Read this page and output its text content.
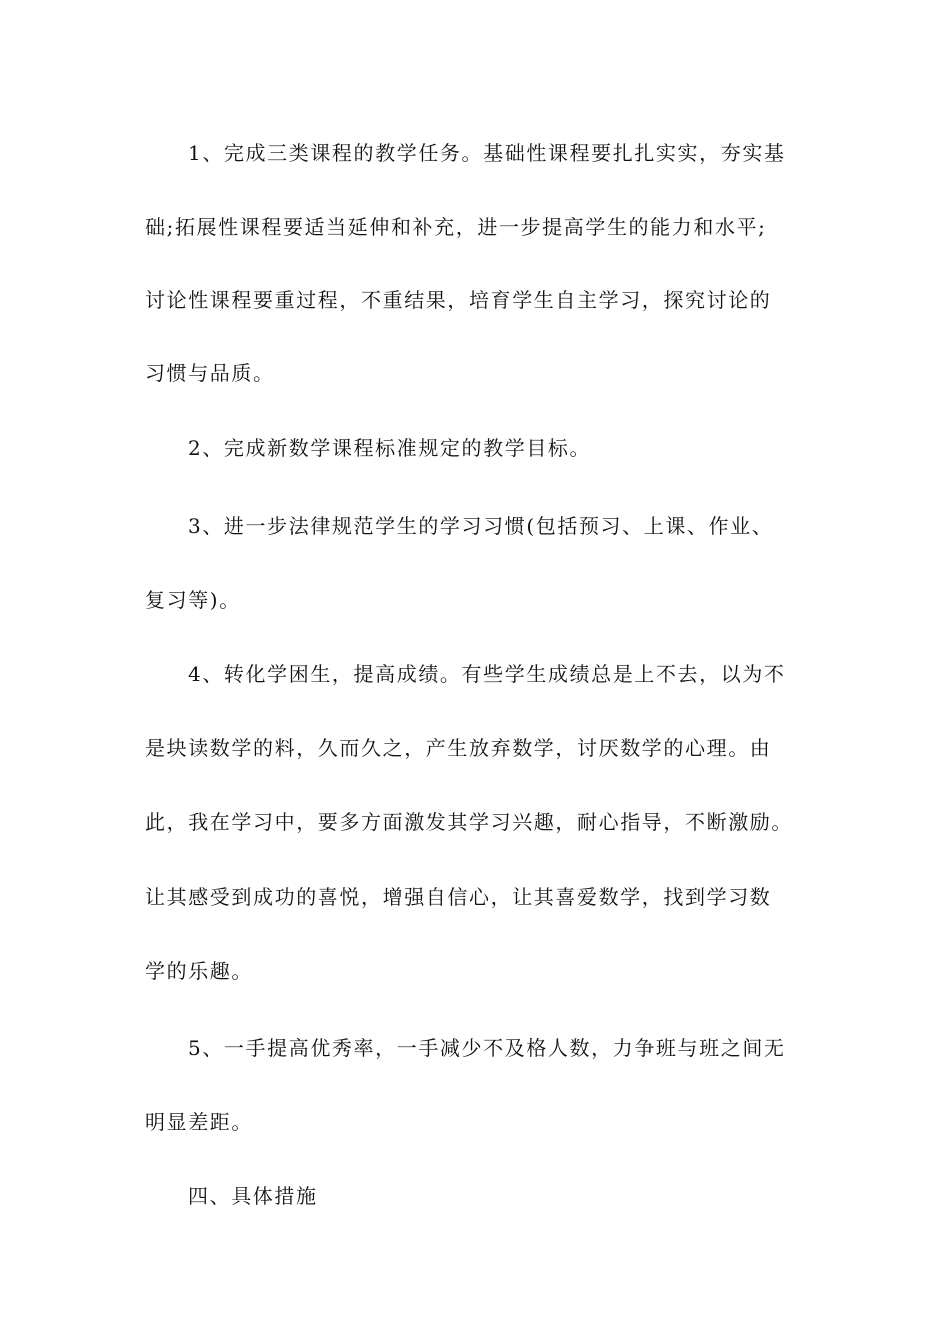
1、完成三类课程的教学任务。基础性课程要扎扎实实，夯实基
础;拓展性课程要适当延伸和补充，进一步提高学生的能力和水平;
讨论性课程要重过程，不重结果，培育学生自主学习，探究讨论的
习惯与品质。
2、完成新数学课程标准规定的教学目标。
3、进一步法律规范学生的学习习惯(包括预习、上课、作业、
复习等)。
4、转化学困生，提高成绩。有些学生成绩总是上不去，以为不
是块读数学的料，久而久之，产生放弃数学，讨厌数学的心理。由
此，我在学习中，要多方面激发其学习兴趣，耐心指导，不断激励。
让其感受到成功的喜悦，增强自信心，让其喜爱数学，找到学习数
学的乐趣。
5、一手提高优秀率，一手减少不及格人数，力争班与班之间无
明显差距。
四、具体措施
